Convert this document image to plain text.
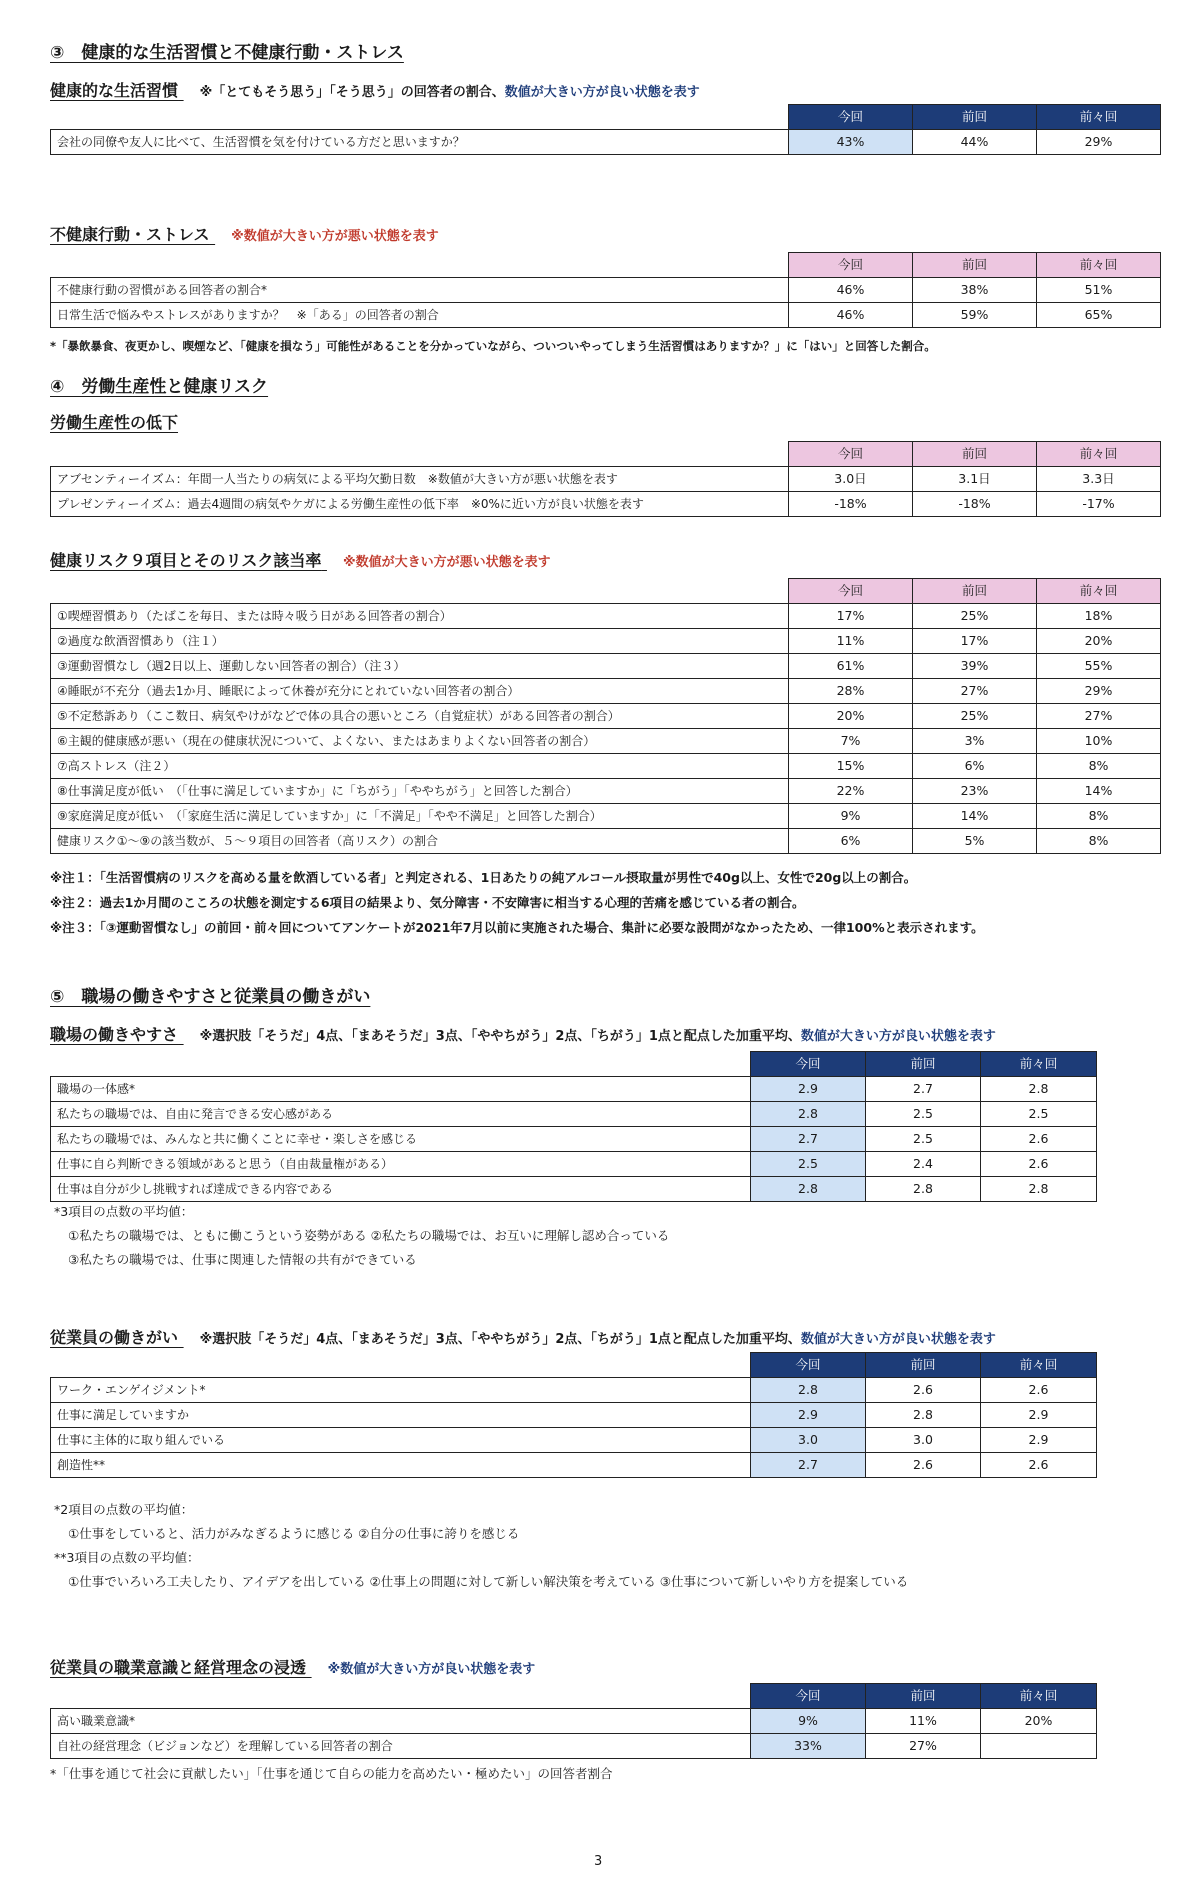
③　健康的な生活習慣と不健康行動・ストレス
健康的な生活習慣 ※「とてもそう思う」「そう思う」の回答者の割合、数値が大きい方が良い状態を表す
	今回	前回	前々回
会社の同僚や友人に比べて、生活習慣を気を付けている方だと思いますか？	43%	44%	29%
不健康行動・ストレス ※数値が大きい方が悪い状態を表す
	今回	前回	前々回
不健康行動の習慣がある回答者の割合*	46%	38%	51%
日常生活で悩みやストレスがありますか？　※「ある」の回答者の割合	46%	59%	65%
*「暴飲暴食、夜更かし、喫煙など、「健康を損なう」可能性があることを分かっていながら、ついついやってしまう生活習慣はありますか？」に「はい」と回答した割合。
④　労働生産性と健康リスク
労働生産性の低下
	今回	前回	前々回
アブセンティーイズム：年間一人当たりの病気による平均欠勤日数　※数値が大きい方が悪い状態を表す	3.0日	3.1日	3.3日
プレゼンティーイズム：過去4週間の病気やケガによる労働生産性の低下率　※0%に近い方が良い状態を表す	-18%	-18%	-17%
健康リスク９項目とそのリスク該当率 ※数値が大きい方が悪い状態を表す
	今回	前回	前々回
①喫煙習慣あり（たばこを毎日、または時々吸う日がある回答者の割合）	17%	25%	18%
②過度な飲酒習慣あり（注１）	11%	17%	20%
③運動習慣なし（週2日以上、運動しない回答者の割合）（注３）	61%	39%	55%
④睡眠が不充分（過去1か月、睡眠によって休養が充分にとれていない回答者の割合）	28%	27%	29%
⑤不定愁訴あり（ここ数日、病気やけがなどで体の具合の悪いところ（自覚症状）がある回答者の割合）	20%	25%	27%
⑥主観的健康感が悪い（現在の健康状況について、よくない、またはあまりよくない回答者の割合）	7%	3%	10%
⑦高ストレス（注２）	15%	6%	8%
⑧仕事満足度が低い　（「仕事に満足していますか」に「ちがう」「ややちがう」と回答した割合）	22%	23%	14%
⑨家庭満足度が低い　（「家庭生活に満足していますか」に「不満足」「やや不満足」と回答した割合）	9%	14%	8%
健康リスク①～⑨の該当数が、５～９項目の回答者（高リスク）の割合	6%	5%	8%
※注１：「生活習慣病のリスクを高める量を飲酒している者」と判定される、1日あたりの純アルコール摂取量が男性で40g以上、女性で20g以上の割合。
※注２：過去1か月間のこころの状態を測定する6項目の結果より、気分障害・不安障害に相当する心理的苦痛を感じている者の割合。
※注３：「③運動習慣なし」の前回・前々回についてアンケートが2021年7月以前に実施された場合、集計に必要な設問がなかったため、一律100%と表示されます。
⑤　職場の働きやすさと従業員の働きがい
職場の働きやすさ ※選択肢「そうだ」4点、「まあそうだ」3点、「ややちがう」2点、「ちがう」1点と配点した加重平均、数値が大きい方が良い状態を表す
	今回	前回	前々回
職場の一体感*	2.9	2.7	2.8
私たちの職場では、自由に発言できる安心感がある	2.8	2.5	2.5
私たちの職場では、みんなと共に働くことに幸せ・楽しさを感じる	2.7	2.5	2.6
仕事に自ら判断できる領域があると思う（自由裁量権がある）	2.5	2.4	2.6
仕事は自分が少し挑戦すれば達成できる内容である	2.8	2.8	2.8
*3項目の点数の平均値：
①私たちの職場では、ともに働こうという姿勢がある ②私たちの職場では、お互いに理解し認め合っている
③私たちの職場では、仕事に関連した情報の共有ができている
従業員の働きがい ※選択肢「そうだ」4点、「まあそうだ」3点、「ややちがう」2点、「ちがう」1点と配点した加重平均、数値が大きい方が良い状態を表す
	今回	前回	前々回
ワーク・エンゲイジメント*	2.8	2.6	2.6
仕事に満足していますか	2.9	2.8	2.9
仕事に主体的に取り組んでいる	3.0	3.0	2.9
創造性**	2.7	2.6	2.6
*2項目の点数の平均値：
①仕事をしていると、活力がみなぎるように感じる ②自分の仕事に誇りを感じる
**3項目の点数の平均値：
①仕事でいろいろ工夫したり、アイデアを出している ②仕事上の問題に対して新しい解決策を考えている ③仕事について新しいやり方を提案している
従業員の職業意識と経営理念の浸透 ※数値が大きい方が良い状態を表す
	今回	前回	前々回
高い職業意識*	9%	11%	20%
自社の経営理念（ビジョンなど）を理解している回答者の割合	33%	27%	
*「仕事を通じて社会に貢献したい」「仕事を通じて自らの能力を高めたい・極めたい」の回答者割合
3
